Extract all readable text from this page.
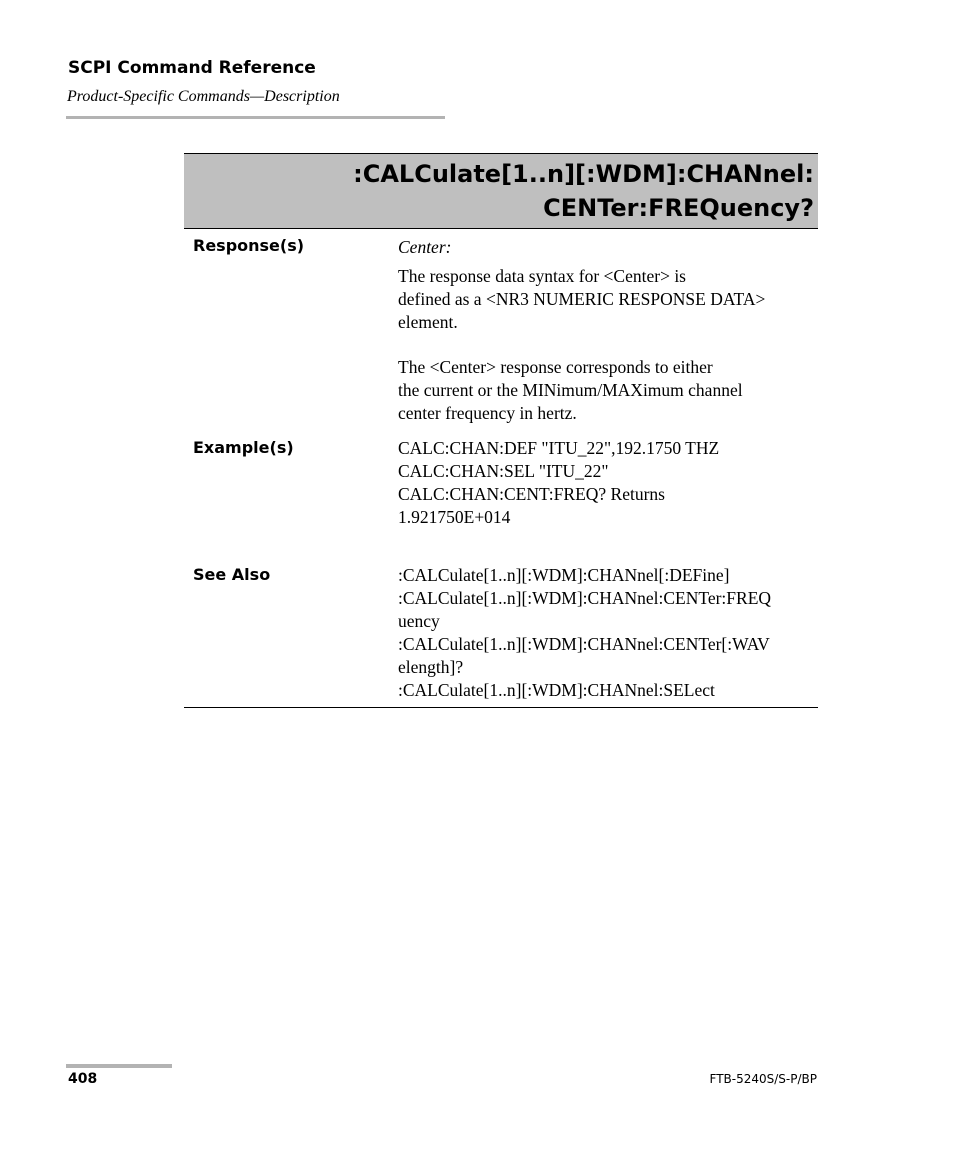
SCPI Command Reference
Product-Specific Commands—Description
:CALCulate[1..n][:WDM]:CHANnel:
CENTer:FREQuency?
Response(s)	Center:
The response data syntax for <Center> is
defined as a <NR3 NUMERIC RESPONSE DATA>
element.
The <Center> response corresponds to either
the current or the MINimum/MAXimum channel
center frequency in hertz.
Example(s)	CALC:CHAN:DEF "ITU_22",192.1750 THZ
CALC:CHAN:SEL "ITU_22"
CALC:CHAN:CENT:FREQ? Returns
1.921750E+014
See Also	:CALCulate[1..n][:WDM]:CHANnel[:DEFine]
:CALCulate[1..n][:WDM]:CHANnel:CENTer:FREQ
uency
:CALCulate[1..n][:WDM]:CHANnel:CENTer[:WAV
elength]?
:CALCulate[1..n][:WDM]:CHANnel:SELect
408	FTB-5240S/S-P/BP
